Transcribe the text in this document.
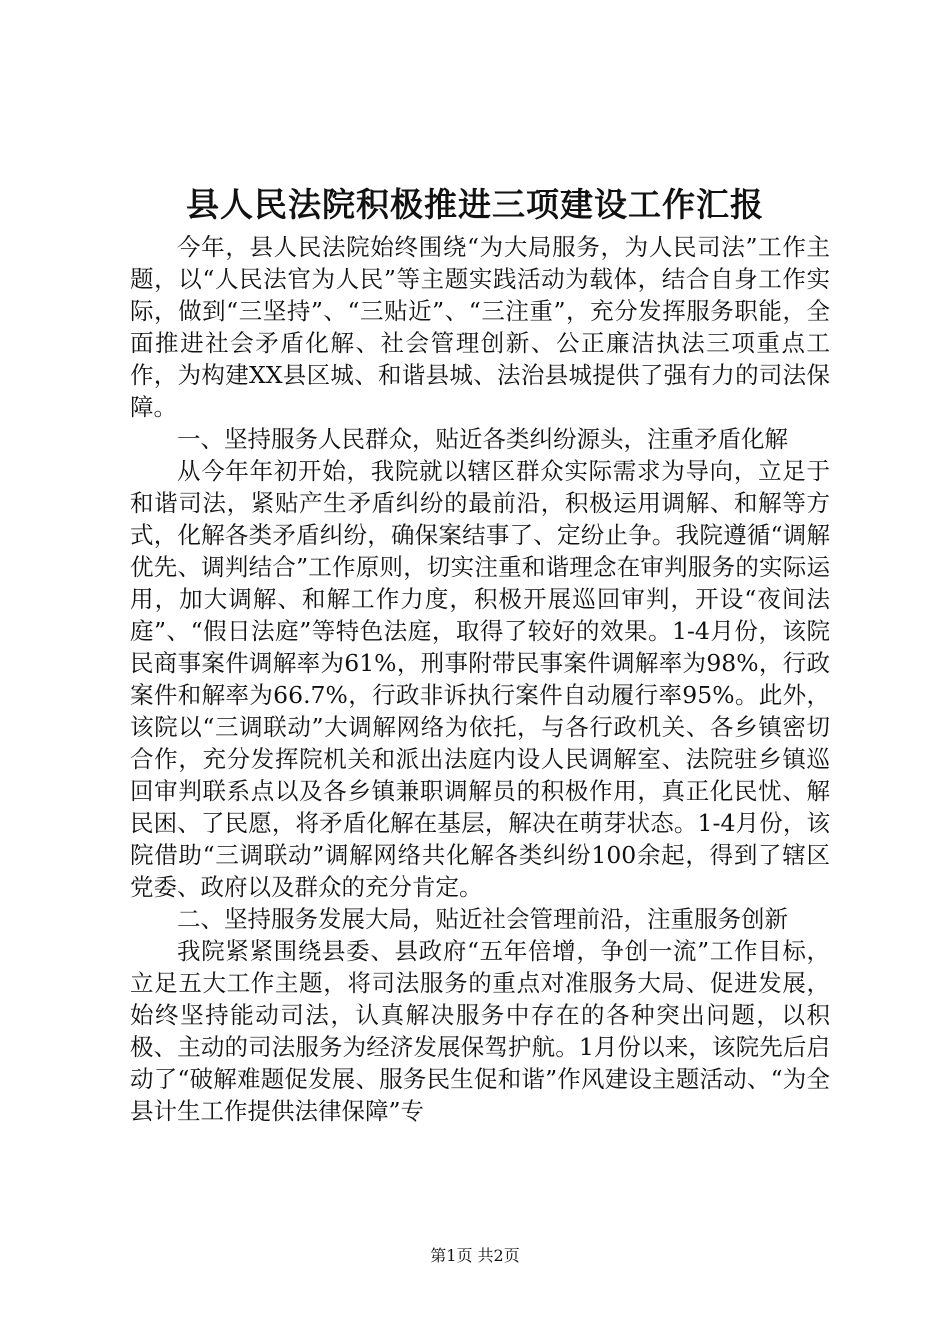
县人民法院积极推进三项建设工作汇报

今年，县人民法院始终围绕“为大局服务，为人民司法”工作主题，以“人民法官为人民”等主题实践活动为载体，结合自身工作实际，做到“三坚持”、“三贴近”、“三注重”，充分发挥服务职能，全面推进社会矛盾化解、社会管理创新、公正廉洁执法三项重点工作，为构建XX县区城、和谐县城、法治县城提供了强有力的司法保障。

一、坚持服务人民群众，贴近各类纠纷源头，注重矛盾化解

从今年年初开始，我院就以辖区群众实际需求为导向，立足于和谐司法，紧贴产生矛盾纠纷的最前沿，积极运用调解、和解等方式，化解各类矛盾纠纷，确保案结事了、定纷止争。我院遵循“调解优先、调判结合”工作原则，切实注重和谐理念在审判服务的实际运用，加大调解、和解工作力度，积极开展巡回审判，开设“夜间法庭”、“假日法庭”等特色法庭，取得了较好的效果。1-4月份，该院民商事案件调解率为61%，刑事附带民事案件调解率为98%，行政案件和解率为66.7%，行政非诉执行案件自动履行率95%。此外，该院以“三调联动”大调解网络为依托，与各行政机关、各乡镇密切合作，充分发挥院机关和派出法庭内设人民调解室、法院驻乡镇巡回审判联系点以及各乡镇兼职调解员的积极作用，真正化民忧、解民困、了民愿，将矛盾化解在基层，解决在萌芽状态。1-4月份，该院借助“三调联动”调解网络共化解各类纠纷100余起，得到了辖区党委、政府以及群众的充分肯定。

二、坚持服务发展大局，贴近社会管理前沿，注重服务创新

我院紧紧围绕县委、县政府“五年倍增，争创一流”工作目标，立足五大工作主题，将司法服务的重点对准服务大局、促进发展，始终坚持能动司法，认真解决服务中存在的各种突出问题，以积极、主动的司法服务为经济发展保驾护航。1月份以来，该院先后启动了“破解难题促发展、服务民生促和谐”作风建设主题活动、“为全县计生工作提供法律保障”专

第1页 共2页
